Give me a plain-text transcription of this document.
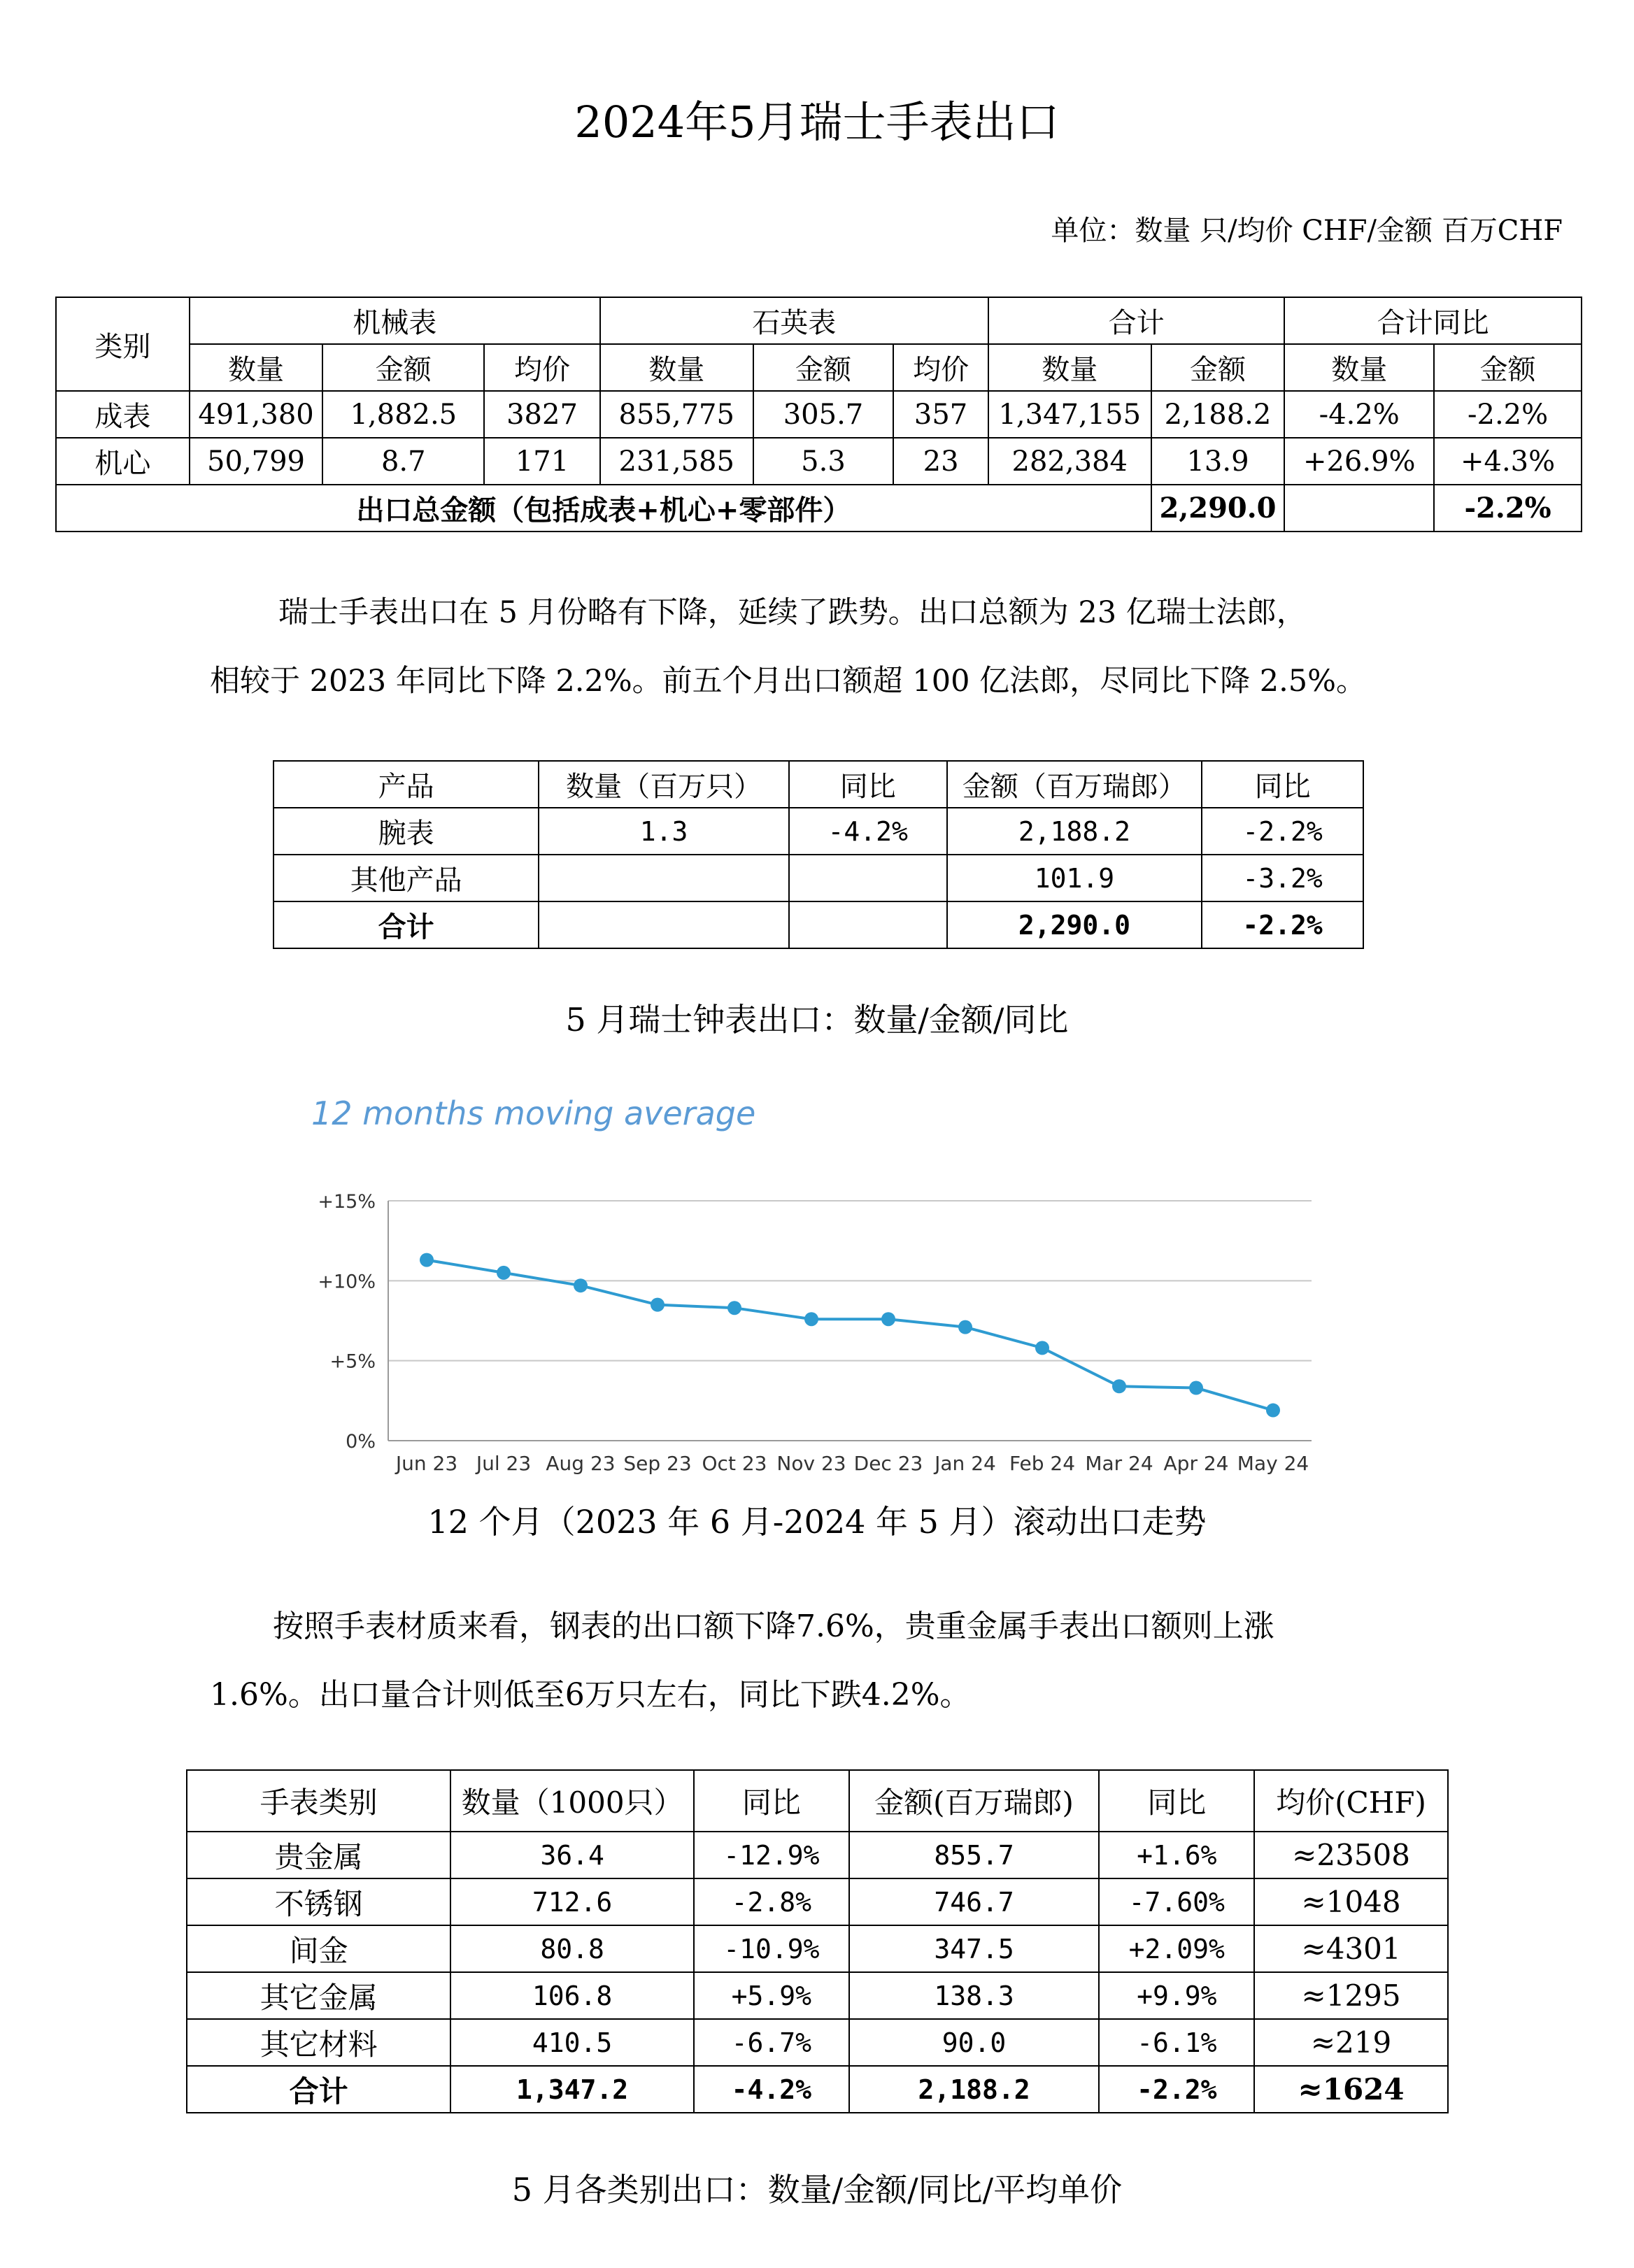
2024年5月瑞士手表出口
单位：数量 只/均价 CHF/金额 百万CHF
类别	机械表			石英表			合计		合计同比	
	数量	金额	均价	数量	金额	均价	数量	金额	数量	金额
成表	491,380	1,882.5	3827	855,775	305.7	357	1,347,155	2,188.2	-4.2%	-2.2%
机心	50,799	8.7	171	231,585	5.3	23	282,384	13.9	+26.9%	+4.3%
出口总金额（包括成表+机心+零部件）								2,290.0		-2.2%
瑞士手表出口在 5 月份略有下降，延续了跌势。出口总额为 23 亿瑞士法郎，
相较于 2023 年同比下降 2.2%。前五个月出口额超 100 亿法郎，尽同比下降 2.5%。
产品	数量（百万只）	同比	金额（百万瑞郎）	同比
腕表	1.3	-4.2%	2,188.2	-2.2%
其他产品			101.9	-3.2%
合计			2,290.0	-2.2%
5 月瑞士钟表出口：数量/金额/同比
12 months moving average
0%
+5%
+10%
+15%
Jun 23 Jul 23 Aug 23 Sep 23 Oct 23 Nov 23 Dec 23 Jan 24 Feb 24 Mar 24 Apr 24 May 24
12 个月（2023 年 6 月-2024 年 5 月）滚动出口走势
按照手表材质来看，钢表的出口额下降7.6%，贵重金属手表出口额则上涨
1.6%。出口量合计则低至6万只左右，同比下跌4.2%。
手表类别	数量（1000只）	同比	金额(百万瑞郎)	同比	均价(CHF)
贵金属	36.4	-12.9%	855.7	+1.6%	≈23508
不锈钢	712.6	-2.8%	746.7	-7.60%	≈1048
间金	80.8	-10.9%	347.5	+2.09%	≈4301
其它金属	106.8	+5.9%	138.3	+9.9%	≈1295
其它材料	410.5	-6.7%	90.0	-6.1%	≈219
合计	1,347.2	-4.2%	2,188.2	-2.2%	≈1624
5 月各类别出口：数量/金额/同比/平均单价
